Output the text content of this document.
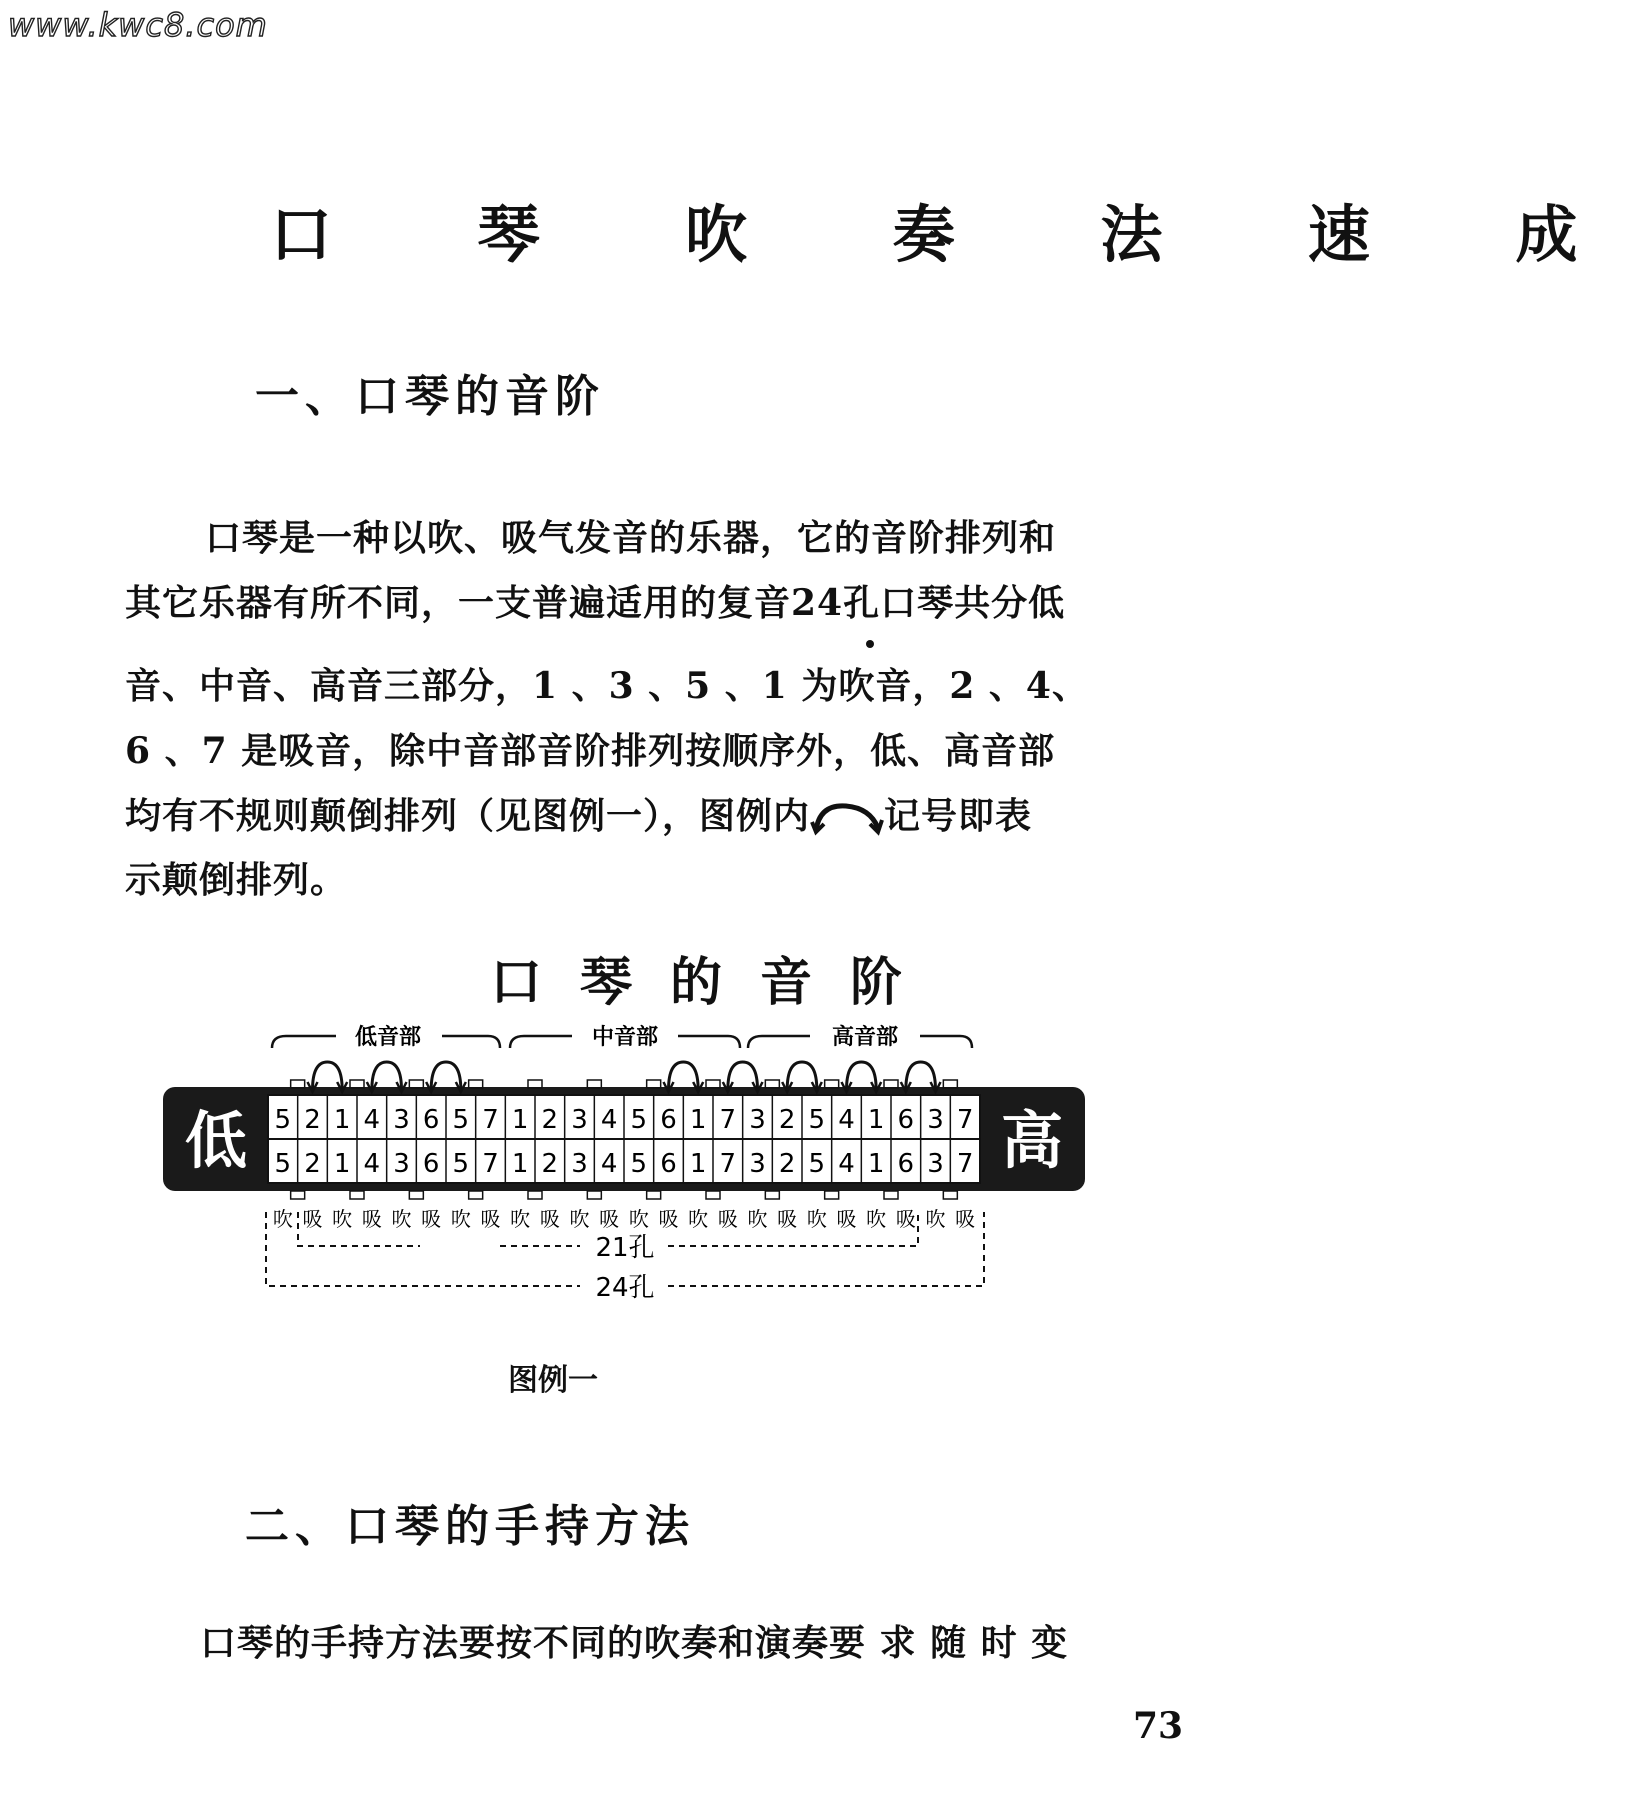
www.kwc8.com
口 琴 吹 奏 法 速 成
一、口琴的音阶
口琴是一种以吹、吸气发音的乐器，它的音阶排列和
其它乐器有所不同，一支普遍适用的复音24孔口琴共分低
音、中音、高音三部分，1 、3 、5 、1 为吹音，2 、4、
6 、7 是吸音，除中音部音阶排列按顺序外，低、高音部
均有不规则颠倒排列（见图例一），图例内 记号即表
示颠倒排列。
口琴的音阶
低音部	中音部	高音部
低	高
5 2 1 4 3 6 5 7 1 2 3 4 5 6 1 7 3 2 5 4 1 6 3 7
5 2 1 4 3 6 5 7 1 2 3 4 5 6 1 7 3 2 5 4 1 6 3 7
吹 吸 吹 吸 吹 吸 吹 吸 吹 吸 吹 吸 吹 吸 吹 吸 吹 吸 吹 吸 吹 吸 吹 吸
21孔
24孔
图例一
二、口琴的手持方法
口琴的手持方法要按不同的吹奏和演奏要 求 随 时 变
73
